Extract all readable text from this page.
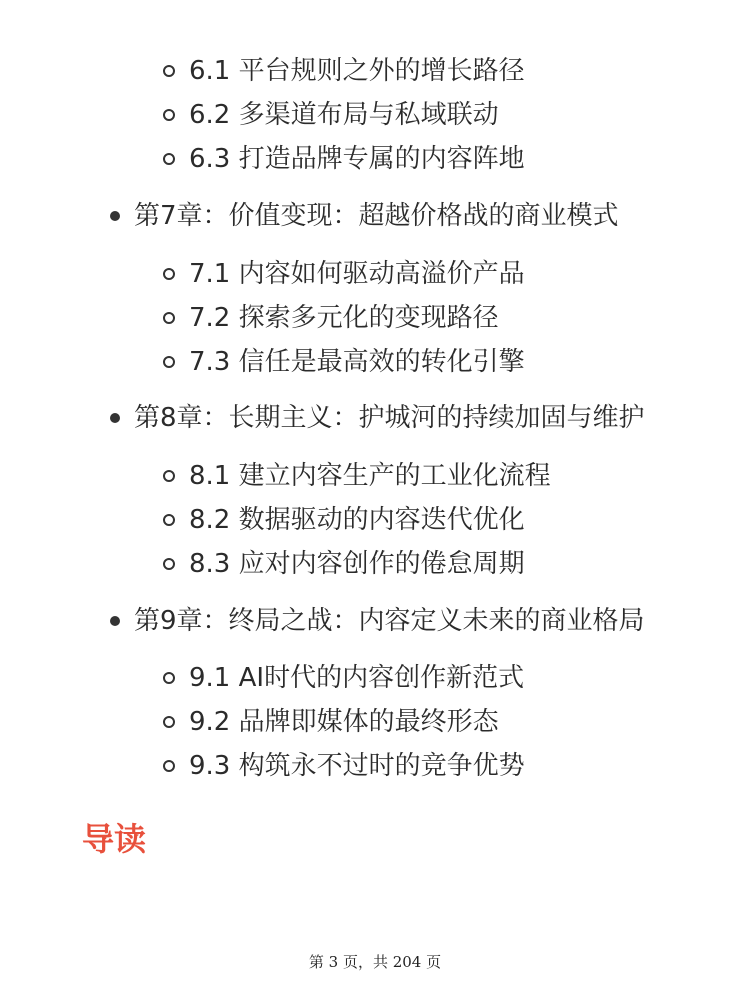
6.1 平台规则之外的增长路径
6.2 多渠道布局与私域联动
6.3 打造品牌专属的内容阵地
第7章：价值变现：超越价格战的商业模式
7.1 内容如何驱动高溢价产品
7.2 探索多元化的变现路径
7.3 信任是最高效的转化引擎
第8章：长期主义：护城河的持续加固与维护
8.1 建立内容生产的工业化流程
8.2 数据驱动的内容迭代优化
8.3 应对内容创作的倦怠周期
第9章：终局之战：内容定义未来的商业格局
9.1 AI时代的内容创作新范式
9.2 品牌即媒体的最终形态
9.3 构筑永不过时的竞争优势
导读
第 3 页，共 204 页
